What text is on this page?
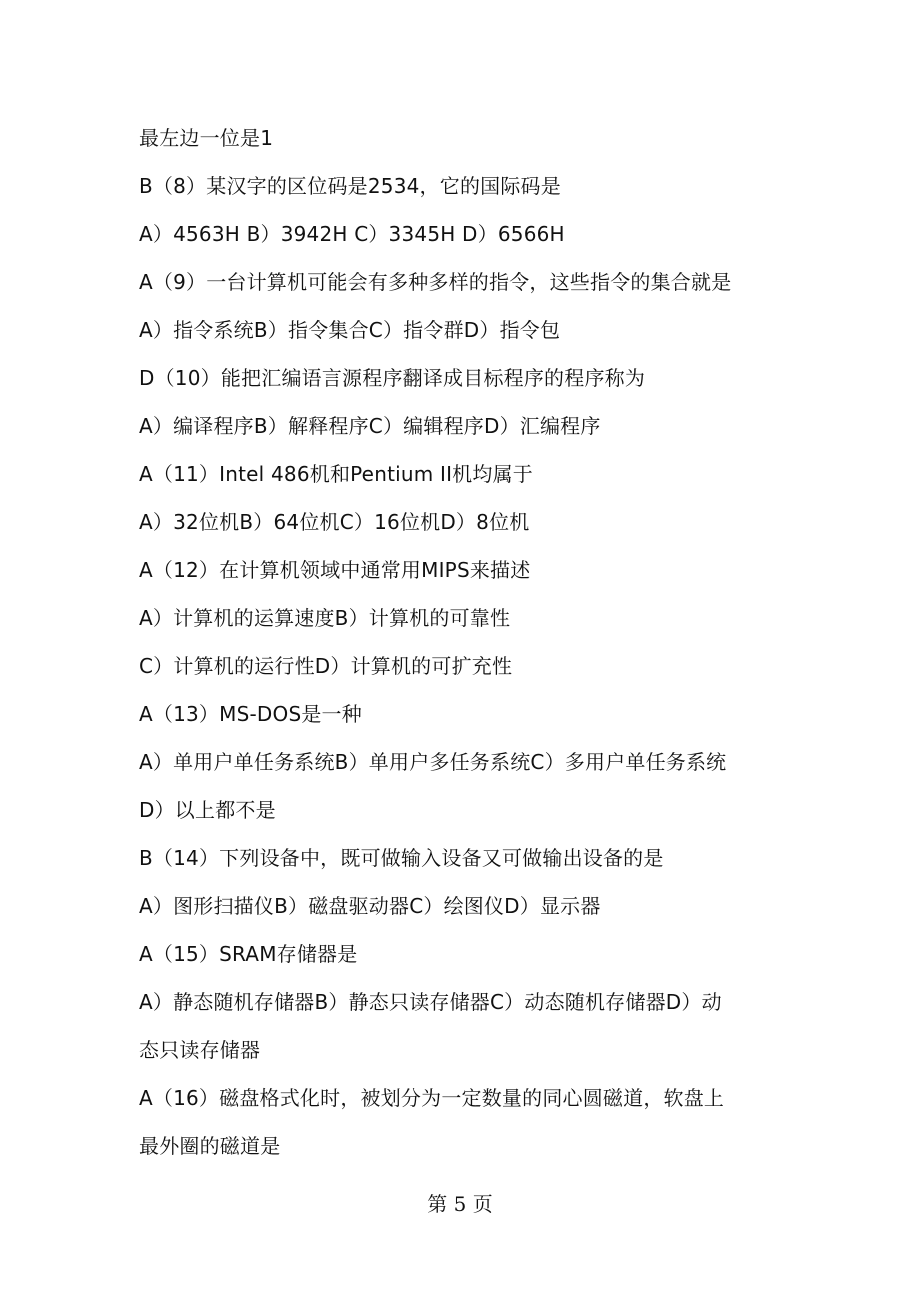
最左边一位是1
B（8）某汉字的区位码是2534，它的国际码是
A）4563H B）3942H C）3345H D）6566H
A（9）一台计算机可能会有多种多样的指令，这些指令的集合就是
A）指令系统B）指令集合C）指令群D）指令包
D（10）能把汇编语言源程序翻译成目标程序的程序称为
A）编译程序B）解释程序C）编辑程序D）汇编程序
A（11）Intel 486机和Pentium II机均属于
A）32位机B）64位机C）16位机D）8位机
A（12）在计算机领域中通常用MIPS来描述
A）计算机的运算速度B）计算机的可靠性
C）计算机的运行性D）计算机的可扩充性
A（13）MS-DOS是一种
A）单用户单任务系统B）单用户多任务系统C）多用户单任务系统
D）以上都不是
B（14）下列设备中，既可做输入设备又可做输出设备的是
A）图形扫描仪B）磁盘驱动器C）绘图仪D）显示器
A（15）SRAM存储器是
A）静态随机存储器B）静态只读存储器C）动态随机存储器D）动
态只读存储器
A（16）磁盘格式化时，被划分为一定数量的同心圆磁道，软盘上
最外圈的磁道是
第 5 页
